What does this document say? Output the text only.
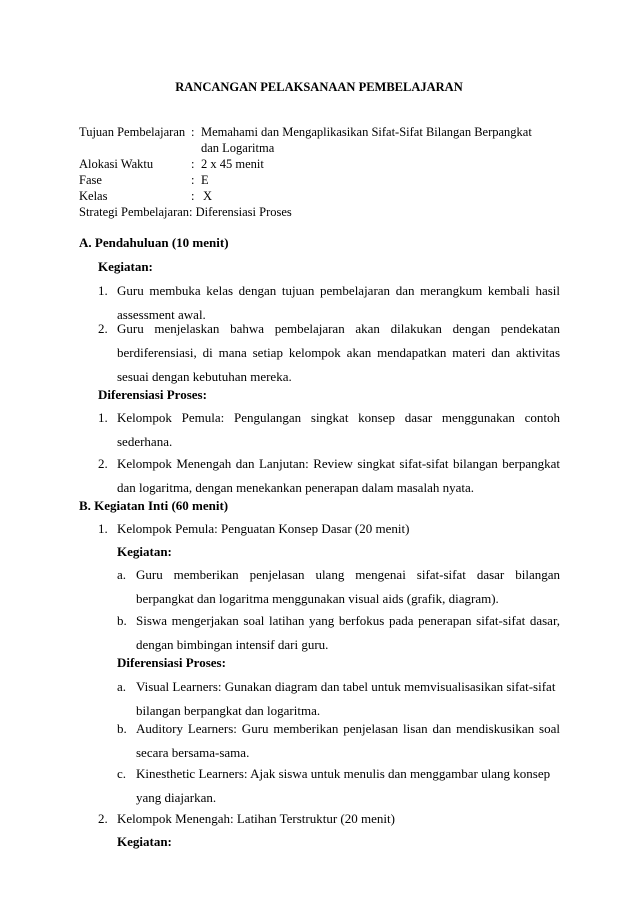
RANCANGAN PELAKSANAAN PEMBELAJARAN
Tujuan Pembelajaran : Memahami dan Mengaplikasikan Sifat-Sifat Bilangan Berpangkat
dan Logaritma
Alokasi Waktu	: 2 x 45 menit
Fase	: E
Kelas	: X
Strategi Pembelajaran: Diferensiasi Proses
A. Pendahuluan (10 menit)
Kegiatan:
1. Guru membuka kelas dengan tujuan pembelajaran dan merangkum kembali hasil
assessment awal.
2. Guru menjelaskan bahwa pembelajaran akan dilakukan dengan pendekatan
berdiferensiasi, di mana setiap kelompok akan mendapatkan materi dan aktivitas
sesuai dengan kebutuhan mereka.
Diferensiasi Proses:
1. Kelompok Pemula: Pengulangan singkat konsep dasar menggunakan contoh
sederhana.
2. Kelompok Menengah dan Lanjutan: Review singkat sifat-sifat bilangan berpangkat
dan logaritma, dengan menekankan penerapan dalam masalah nyata.
B. Kegiatan Inti (60 menit)
1. Kelompok Pemula: Penguatan Konsep Dasar (20 menit)
Kegiatan:
a. Guru memberikan penjelasan ulang mengenai sifat-sifat dasar bilangan
berpangkat dan logaritma menggunakan visual aids (grafik, diagram).
b. Siswa mengerjakan soal latihan yang berfokus pada penerapan sifat-sifat dasar,
dengan bimbingan intensif dari guru.
Diferensiasi Proses:
a. Visual Learners: Gunakan diagram dan tabel untuk memvisualisasikan sifat-sifat
bilangan berpangkat dan logaritma.
b. Auditory Learners: Guru memberikan penjelasan lisan dan mendiskusikan soal
secara bersama-sama.
c. Kinesthetic Learners: Ajak siswa untuk menulis dan menggambar ulang konsep
yang diajarkan.
2. Kelompok Menengah: Latihan Terstruktur (20 menit)
Kegiatan:
